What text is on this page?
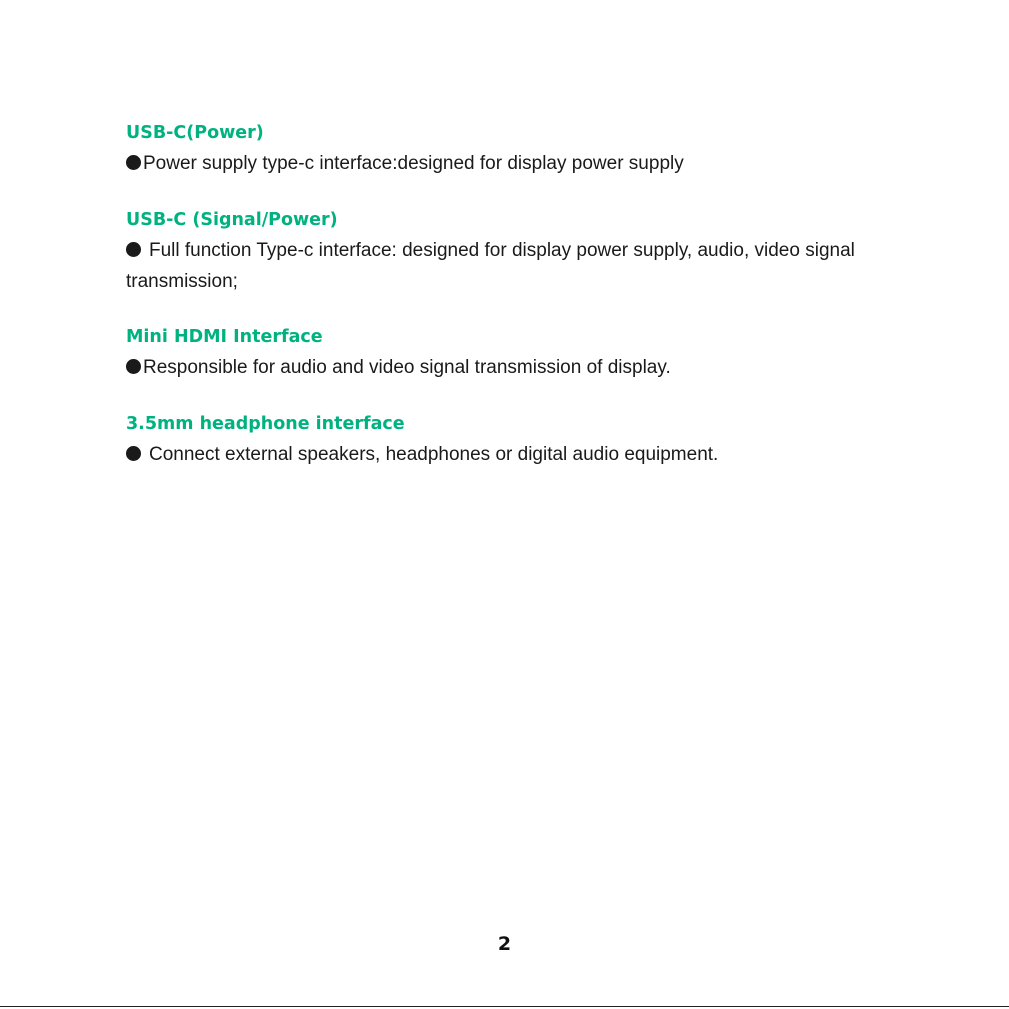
USB-C(Power)

Power supply type-c interface:designed for display power supply

USB-C (Signal/Power)

Full function Type-c interface: designed for display power supply, audio, video signal transmission;

Mini HDMI Interface

Responsible for audio and video signal transmission of display.

3.5mm headphone interface

Connect external speakers, headphones or digital audio equipment.

2
